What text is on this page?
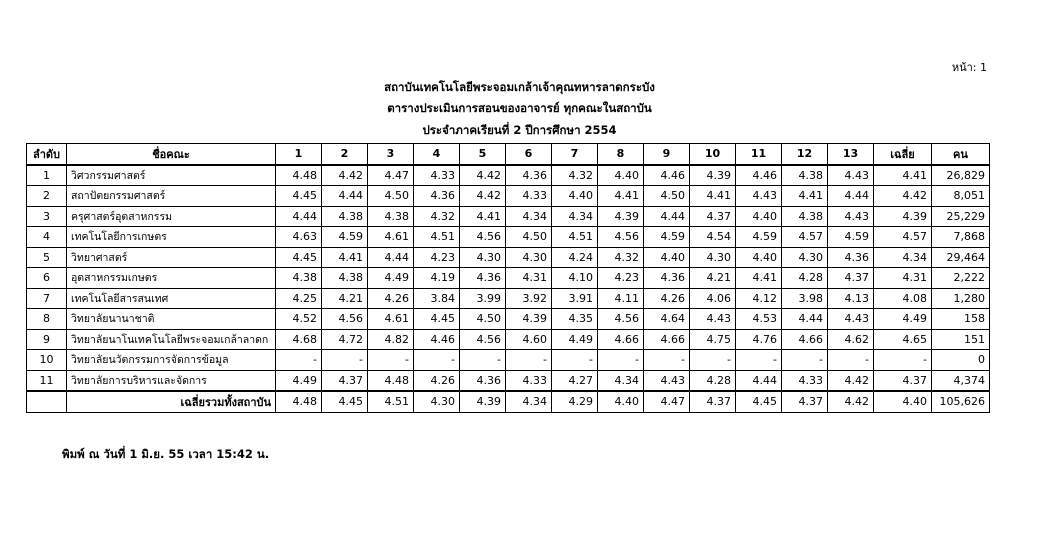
หน้า: 1
สถาบันเทคโนโลยีพระจอมเกล้าเจ้าคุณทหารลาดกระบัง
ตารางประเมินการสอนของอาจารย์ ทุกคณะในสถาบัน
ประจำภาคเรียนที่ 2 ปีการศึกษา 2554
ลำดับ	ชื่อคณะ	1	2	3	4	5	6	7	8	9	10	11	12	13	เฉลี่ย	คน
1	วิศวกรรมศาสตร์	4.48	4.42	4.47	4.33	4.42	4.36	4.32	4.40	4.46	4.39	4.46	4.38	4.43	4.41	26,829
2	สถาปัตยกรรมศาสตร์	4.45	4.44	4.50	4.36	4.42	4.33	4.40	4.41	4.50	4.41	4.43	4.41	4.44	4.42	8,051
3	ครุศาสตร์อุตสาหกรรม	4.44	4.38	4.38	4.32	4.41	4.34	4.34	4.39	4.44	4.37	4.40	4.38	4.43	4.39	25,229
4	เทคโนโลยีการเกษตร	4.63	4.59	4.61	4.51	4.56	4.50	4.51	4.56	4.59	4.54	4.59	4.57	4.59	4.57	7,868
5	วิทยาศาสตร์	4.45	4.41	4.44	4.23	4.30	4.30	4.24	4.32	4.40	4.30	4.40	4.30	4.36	4.34	29,464
6	อุตสาหกรรมเกษตร	4.38	4.38	4.49	4.19	4.36	4.31	4.10	4.23	4.36	4.21	4.41	4.28	4.37	4.31	2,222
7	เทคโนโลยีสารสนเทศ	4.25	4.21	4.26	3.84	3.99	3.92	3.91	4.11	4.26	4.06	4.12	3.98	4.13	4.08	1,280
8	วิทยาลัยนานาชาติ	4.52	4.56	4.61	4.45	4.50	4.39	4.35	4.56	4.64	4.43	4.53	4.44	4.43	4.49	158
9	วิทยาลัยนาโนเทคโนโลยีพระจอมเกล้าลาดก	4.68	4.72	4.82	4.46	4.56	4.60	4.49	4.66	4.66	4.75	4.76	4.66	4.62	4.65	151
10	วิทยาลัยนวัตกรรมการจัดการข้อมูล	-	-	-	-	-	-	-	-	-	-	-	-	-	-	0
11	วิทยาลัยการบริหารและจัดการ	4.49	4.37	4.48	4.26	4.36	4.33	4.27	4.34	4.43	4.28	4.44	4.33	4.42	4.37	4,374
	เฉลี่ยรวมทั้งสถาบัน	4.48	4.45	4.51	4.30	4.39	4.34	4.29	4.40	4.47	4.37	4.45	4.37	4.42	4.40	105,626
พิมพ์ ณ วันที่ 1 มิ.ย. 55 เวลา 15:42 น.
